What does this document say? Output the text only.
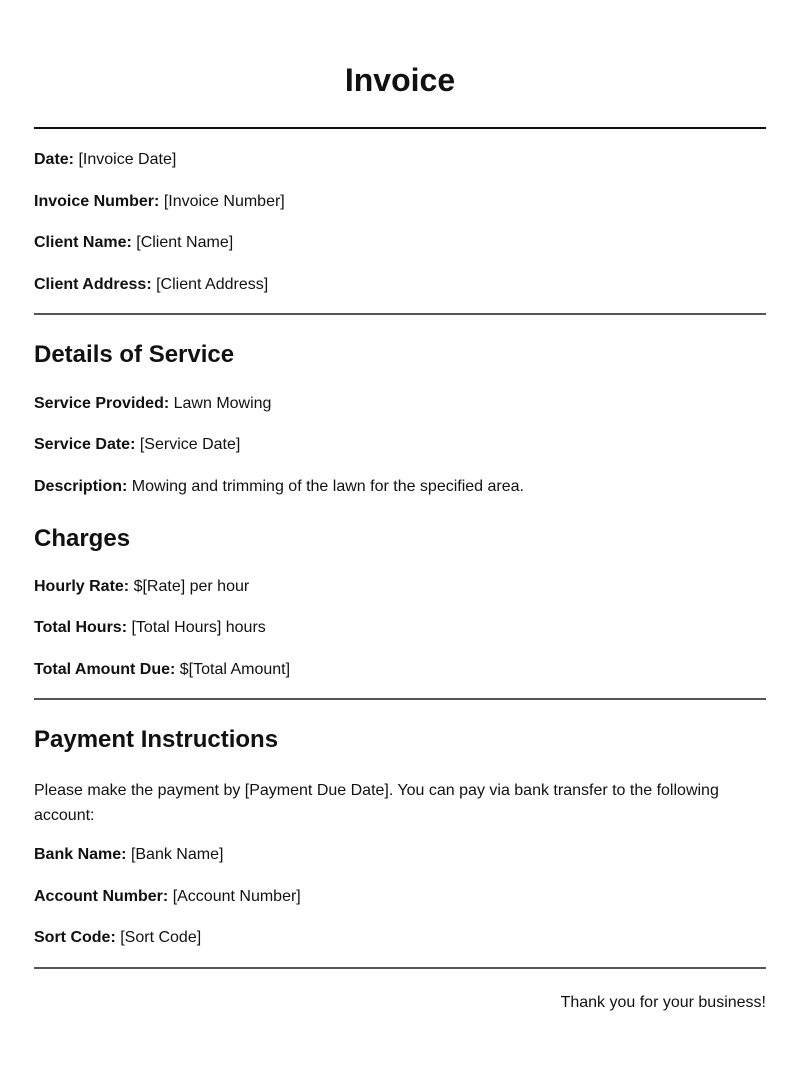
Invoice

Date: [Invoice Date]

Invoice Number: [Invoice Number]

Client Name: [Client Name]

Client Address: [Client Address]

Details of Service

Service Provided: Lawn Mowing

Service Date: [Service Date]

Description: Mowing and trimming of the lawn for the specified area.

Charges

Hourly Rate: $[Rate] per hour

Total Hours: [Total Hours] hours

Total Amount Due: $[Total Amount]

Payment Instructions

Please make the payment by [Payment Due Date]. You can pay via bank transfer to the following account:

Bank Name: [Bank Name]

Account Number: [Account Number]

Sort Code: [Sort Code]

Thank you for your business!
